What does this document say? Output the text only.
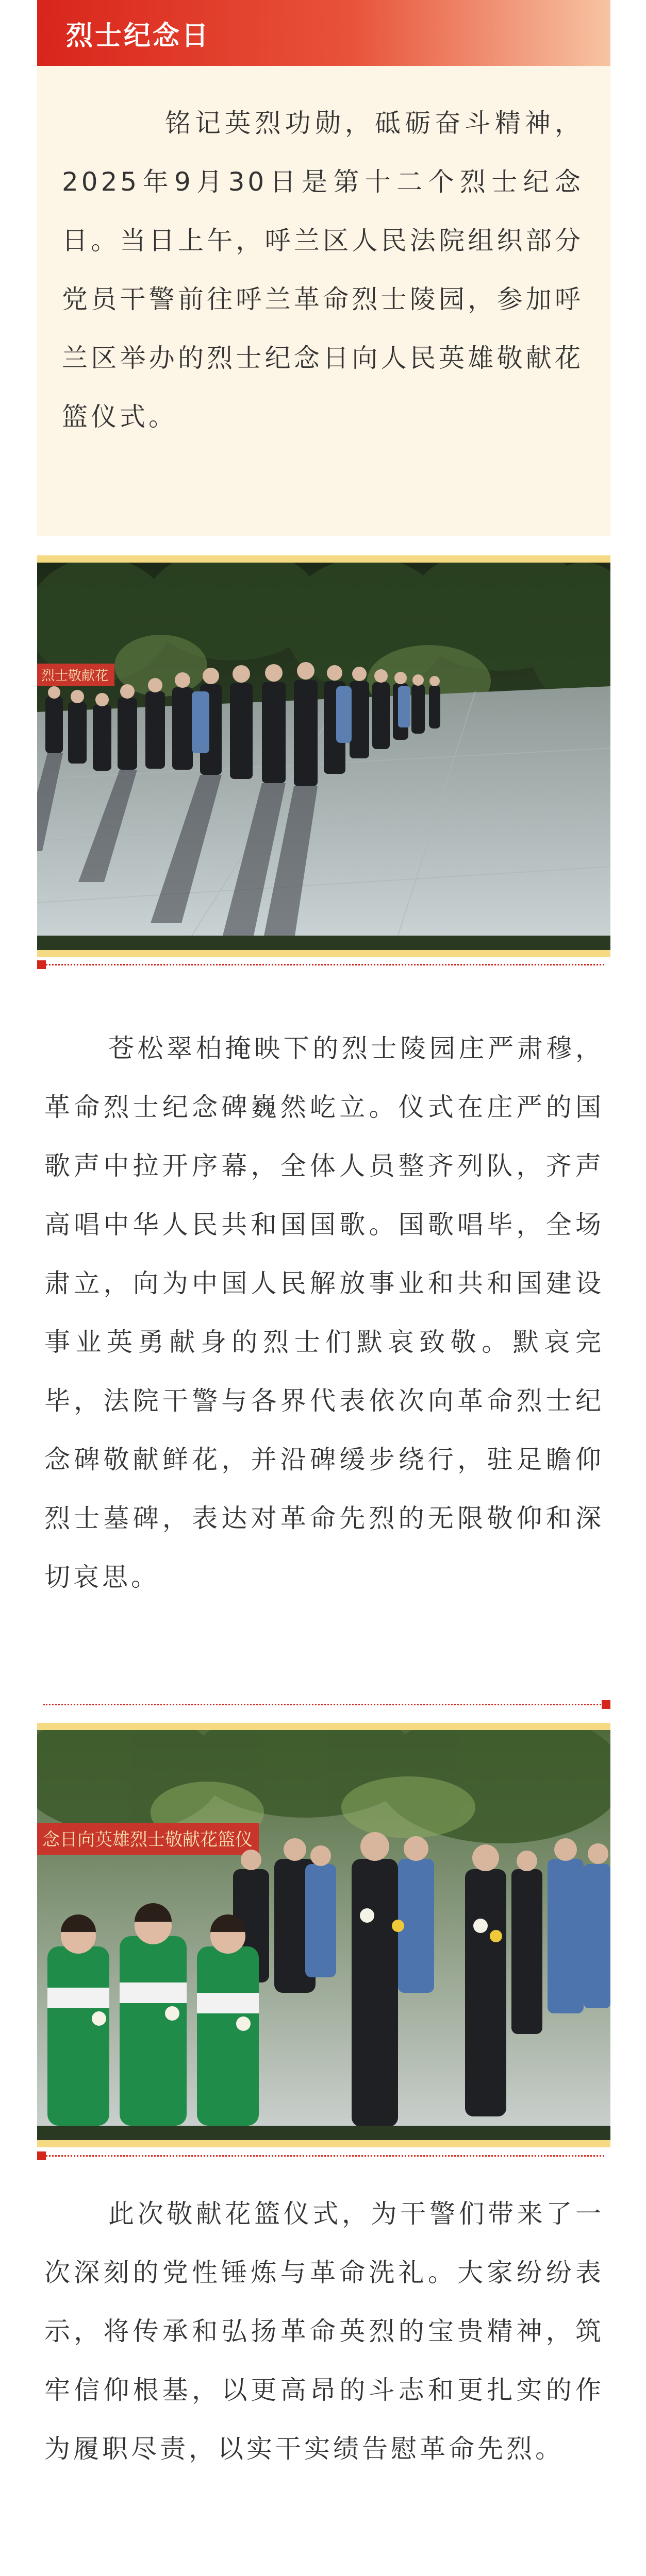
烈士纪念日

铭记英烈功勋，砥砺奋斗精神，2025年9月30日是第十二个烈士纪念日。当日上午，呼兰区人民法院组织部分党员干警前往呼兰革命烈士陵园，参加呼兰区举办的烈士纪念日向人民英雄敬献花篮仪式。

烈士敬献花

苍松翠柏掩映下的烈士陵园庄严肃穆，革命烈士纪念碑巍然屹立。仪式在庄严的国歌声中拉开序幕，全体人员整齐列队，齐声高唱中华人民共和国国歌。国歌唱毕，全场肃立，向为中国人民解放事业和共和国建设事业英勇献身的烈士们默哀致敬。默哀完毕，法院干警与各界代表依次向革命烈士纪念碑敬献鲜花，并沿碑缓步绕行，驻足瞻仰烈士墓碑，表达对革命先烈的无限敬仰和深切哀思。

念日向英雄烈士敬献花篮仪

此次敬献花篮仪式，为干警们带来了一次深刻的党性锤炼与革命洗礼。大家纷纷表示，将传承和弘扬革命英烈的宝贵精神，筑牢信仰根基，以更高昂的斗志和更扎实的作为履职尽责，以实干实绩告慰革命先烈。
